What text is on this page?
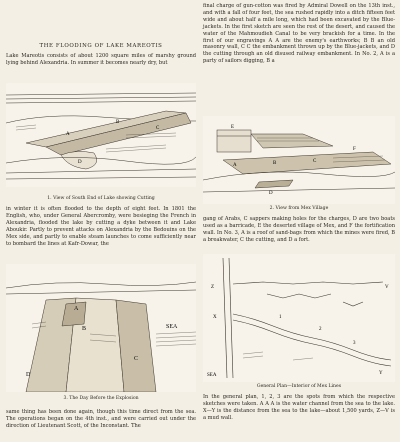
THE FLOODING OF LAKE MAREOTIS

Lake Mareotis consists of about 1200 square miles of marshy ground lying behind Alexandria. In summer it becomes nearly dry, but

A
B
C
D

1. View of South End of Lake showing Cutting

in winter it is often flooded to the depth of eight feet. In 1801 the English, who, under General Abercromby, were besieging the French in Alexandria, flooded the lake by cutting a dyke between it and Lake Aboukir. Partly to prevent attacks on Alexandria by the Bedouins on the Mex side, and partly to enable steam launches to come sufficiently near to bombard the lines at Kafr-Dowar, the

A
B
C
D
SEA

3. The Day Before the Explosion

same thing has been done again, though this time direct from the sea. The operations began on the 4th inst., and were carried out under the direction of Lieutenant Scott, of the Inconstant. The

final charge of gun-cotton was fired by Admiral Dowell on the 13th inst., and with a fall of four feet, the sea rushed rapidly into a ditch fifteen feet wide and about half a mile long, which had been excavated by the Blue-jackets. In the first sketch are seen the rest of the desert, and caused the water of the Mahmoudieh Canal to be very brackish for a time. In the first of our engravings A A are the enemy's earthworks; B B an old masonry wall, C C the embankment thrown up by the Blue-jackets, and D the cutting through an old disused railway embankment. In No. 2, A is a party of sailors digging, B a

A	B	C
D
E
F

2. View from Mex Village

gang of Arabs, C sappers making holes for the charges, D are two boats used as a barricade, E the deserted village of Mex, and F the fortification wall. In No. 3, A is a roof of sand-bags from which the mines were fired, B a breakwater, C the cutting, and D a fort.

X
Y
Z	V
SEA
1
2
3

General Plan—Interior of Mex Lines

In the general plan, 1, 2, 3 are the spots from which the respective sketches were taken. A A A is the water channel from the sea to the lake. X—Y is the distance from the sea to the lake—about 1,500 yards, Z—V is a mud wall.
